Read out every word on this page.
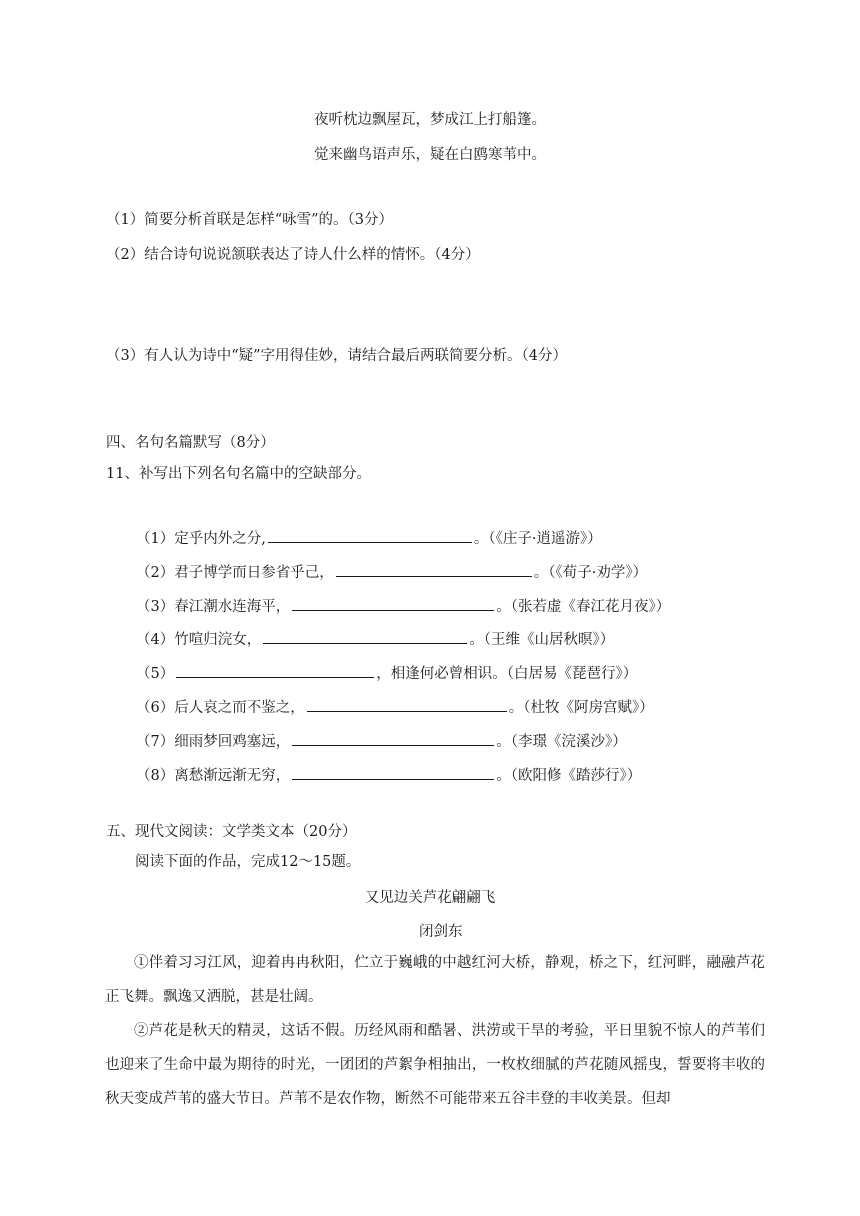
夜听枕边飘屋瓦，梦成江上打船篷。
觉来幽鸟语声乐，疑在白鸥寒苇中。
（1）简要分析首联是怎样“咏雪”的。（3分）
（2）结合诗句说说颔联表达了诗人什么样的情怀。（4分）
（3）有人认为诗中“疑”字用得佳妙，请结合最后两联简要分析。（4分）
四、名句名篇默写（8分）
11、补写出下列名句名篇中的空缺部分。
（1）定乎内外之分,	。（《庄子·逍遥游》）
（2）君子博学而日参省乎己，	。（《荀子·劝学》）
（3）春江潮水连海平，	。（张若虚《春江花月夜》）
（4）竹喧归浣女，	。（王维《山居秋暝》）
（5）	，相逢何必曾相识。（白居易《琵琶行》）
（6）后人哀之而不鉴之，	。（杜牧《阿房宫赋》）
（7）细雨梦回鸡塞远，	。（李璟《浣溪沙》）
（8）离愁渐远渐无穷，	。（欧阳修《踏莎行》）
五、现代文阅读：文学类文本（20分）
阅读下面的作品，完成12～15题。
又见边关芦花翩翩飞
闭剑东
①伴着习习江风，迎着冉冉秋阳，伫立于巍峨的中越红河大桥，静观，桥之下，红河畔，融融芦花正飞舞。飘逸又洒脱，甚是壮阔。
②芦花是秋天的精灵，这话不假。历经风雨和酷暑、洪涝或干旱的考验，平日里貌不惊人的芦苇们也迎来了生命中最为期待的时光，一团团的芦絮争相抽出，一枚枚细腻的芦花随风摇曳，誓要将丰收的秋天变成芦苇的盛大节日。芦苇不是农作物，断然不可能带来五谷丰登的丰收美景。但却
